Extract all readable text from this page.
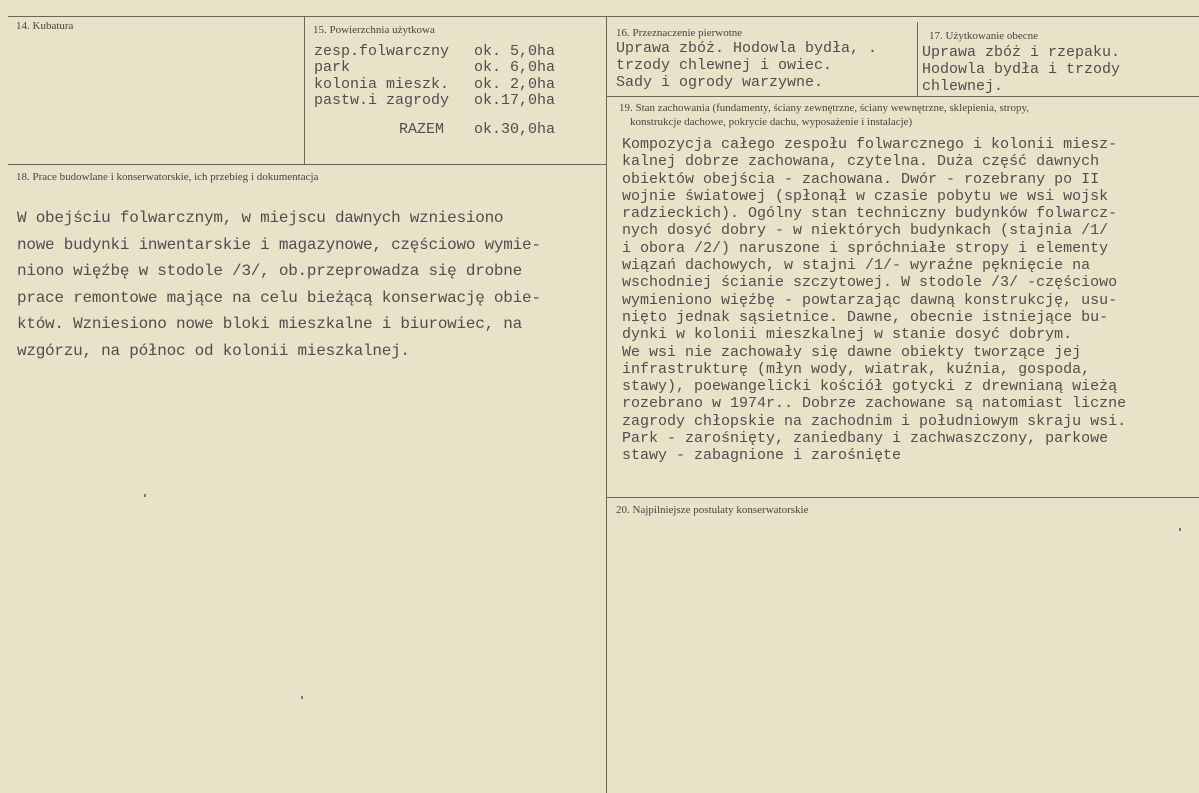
14. Kubatura	15. Powierzchnia użytkowa
zesp.folwarczny	ok. 5,0ha
park	ok. 6,0ha
kolonia mieszk.	ok. 2,0ha
pastw.i zagrody	ok.17,0ha
RAZEM	ok.30,0ha
16. Przeznaczenie pierwotne
Uprawa zbóż. Hodowla bydła, .
trzody chlewnej i owiec.
Sady i ogrody warzywne.
17. Użytkowanie obecne
Uprawa zbóż i rzepaku.
Hodowla bydła i trzody
chlewnej.
18. Prace budowlane i konserwatorskie, ich przebieg i dokumentacja
W obejściu folwarcznym, w miejscu dawnych wzniesiono
nowe budynki inwentarskie i magazynowe, częściowo wymie-
niono więźbę w stodole /3/, ob.przeprowadza się drobne
prace remontowe mające na celu bieżącą konserwację obie-
któw. Wzniesiono nowe bloki mieszkalne i biurowiec, na
wzgórzu, na północ od kolonii mieszkalnej.
19. Stan zachowania (fundamenty, ściany zewnętrzne, ściany wewnętrzne, sklepienia, stropy,
konstrukcje dachowe, pokrycie dachu, wyposażenie i instalacje)
Kompozycja całego zespołu folwarcznego i kolonii miesz-
kalnej dobrze zachowana, czytelna. Duża część dawnych
obiektów obejścia - zachowana. Dwór - rozebrany po II
wojnie światowej (spłonął w czasie pobytu we wsi wojsk
radzieckich). Ogólny stan techniczny budynków folwarcz-
nych dosyć dobry - w niektórych budynkach (stajnia /1/
i obora /2/) naruszone i spróchniałe stropy i elementy
wiązań dachowych, w stajni /1/- wyraźne pęknięcie na
wschodniej ścianie szczytowej. W stodole /3/ -częściowo
wymieniono więźbę - powtarzając dawną konstrukcję, usu-
nięto jednak sąsietnice. Dawne, obecnie istniejące bu-
dynki w kolonii mieszkalnej w stanie dosyć dobrym.
We wsi nie zachowały się dawne obiekty tworzące jej
infrastrukturę (młyn wody, wiatrak, kuźnia, gospoda,
stawy), poewangelicki kościół gotycki z drewnianą wieżą
rozebrano w 1974r.. Dobrze zachowane są natomiast liczne
zagrody chłopskie na zachodnim i południowym skraju wsi.
Park - zarośnięty, zaniedbany i zachwaszczony, parkowe
stawy - zabagnione i zarośnięte
20. Najpilniejsze postulaty konserwatorskie
